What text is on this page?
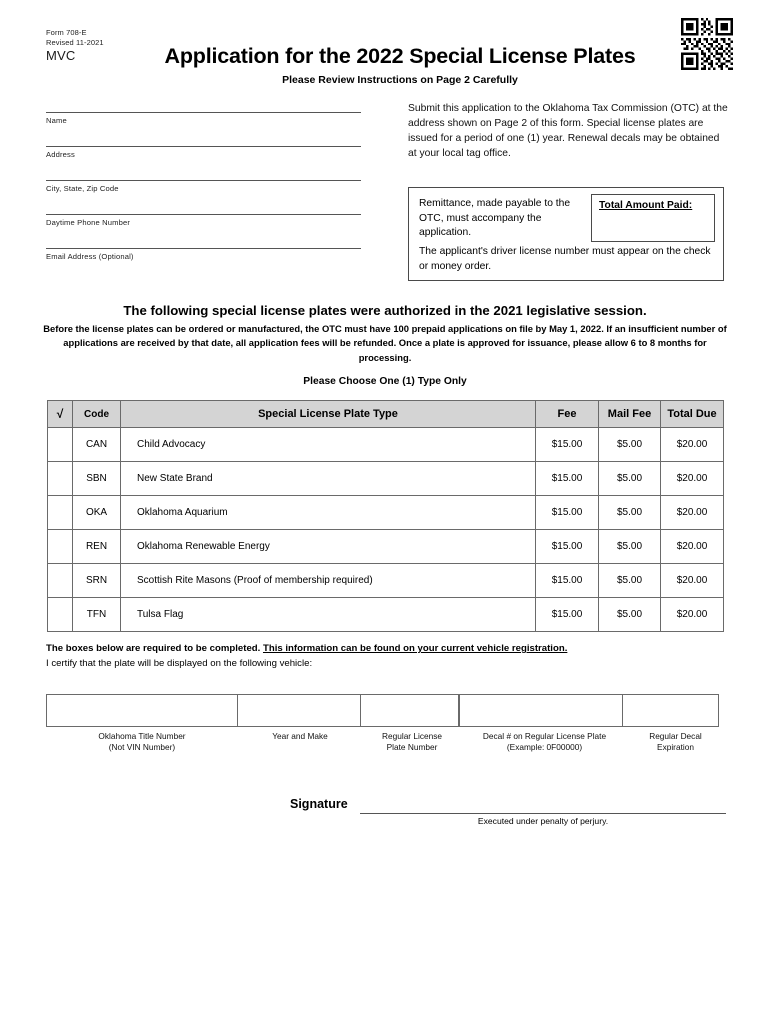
Form 708-E
Revised 11-2021
MVC	Application for the 2022 Special License Plates
Please Review Instructions on Page 2 Carefully
Name
Address
City, State, Zip Code
Daytime Phone Number
Email Address (Optional)
Submit this application to the Oklahoma Tax Commission (OTC) at the address shown on Page 2 of this form. Special license plates are issued for a period of one (1) year. Renewal decals may be obtained at your local tag office.
Remittance, made payable to the OTC, must accompany the application.
Total Amount Paid:
The applicant's driver license number must appear on the check or money order.
The following special license plates were authorized in the 2021 legislative session.
Before the license plates can be ordered or manufactured, the OTC must have 100 prepaid applications on file by May 1, 2022. If an insufficient number of applications are received by that date, all application fees will be refunded. Once a plate is approved for issuance, please allow 6 to 8 months for processing.
Please Choose One (1) Type Only
√	Code	Special License Plate Type	Fee	Mail Fee	Total Due
	CAN	Child Advocacy	$15.00	$5.00	$20.00
	SBN	New State Brand	$15.00	$5.00	$20.00
	OKA	Oklahoma Aquarium	$15.00	$5.00	$20.00
	REN	Oklahoma Renewable Energy	$15.00	$5.00	$20.00
	SRN	Scottish Rite Masons (Proof of membership required)	$15.00	$5.00	$20.00
	TFN	Tulsa Flag	$15.00	$5.00	$20.00
The boxes below are required to be completed. This information can be found on your current vehicle registration.
I certify that the plate will be displayed on the following vehicle:
Oklahoma Title Number
(Not VIN Number)
Year and Make	Regular License
Plate Number
Decal # on Regular License Plate
(Example: 0F00000)
Regular Decal
Expiration
Signature
Executed under penalty of perjury.
